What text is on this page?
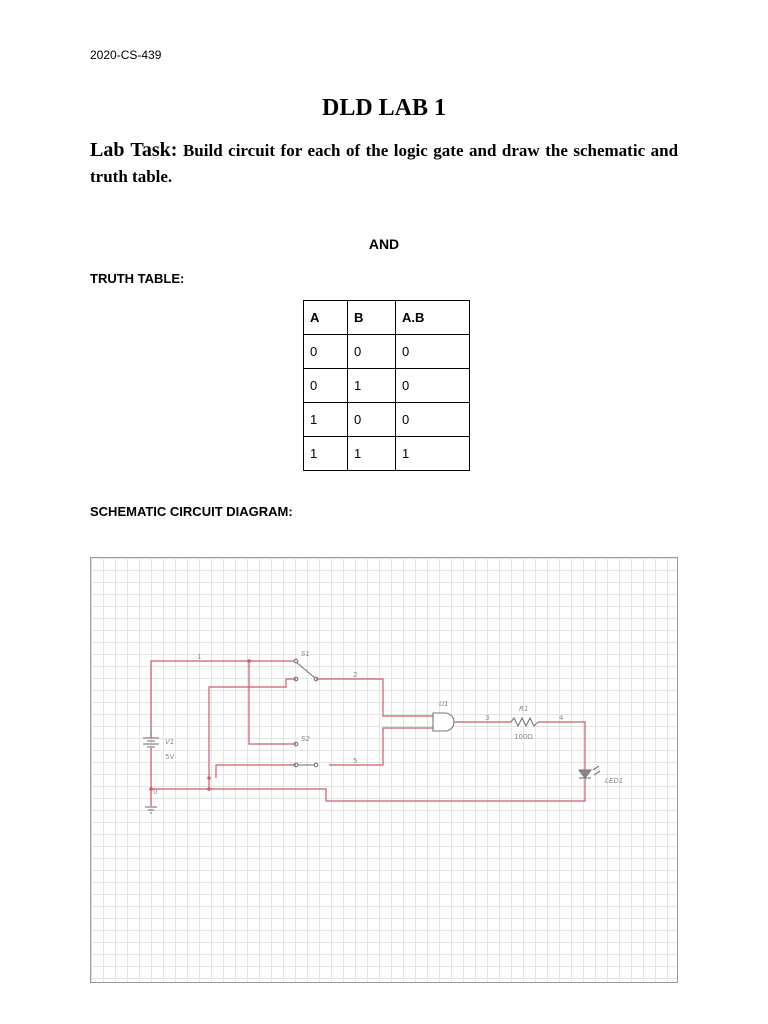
2020-CS-439
DLD LAB 1
Lab Task: Build circuit for each of the logic gate and draw the schematic and truth table.
AND
TRUTH TABLE:
A	B	A.B
0	0	0
0	1	0
1	0	0
1	1	1
SCHEMATIC CIRCUIT DIAGRAM:
S1
S2
U1
R1
100Ω
V1
5V
LED1
1
2
3	4
5
0
